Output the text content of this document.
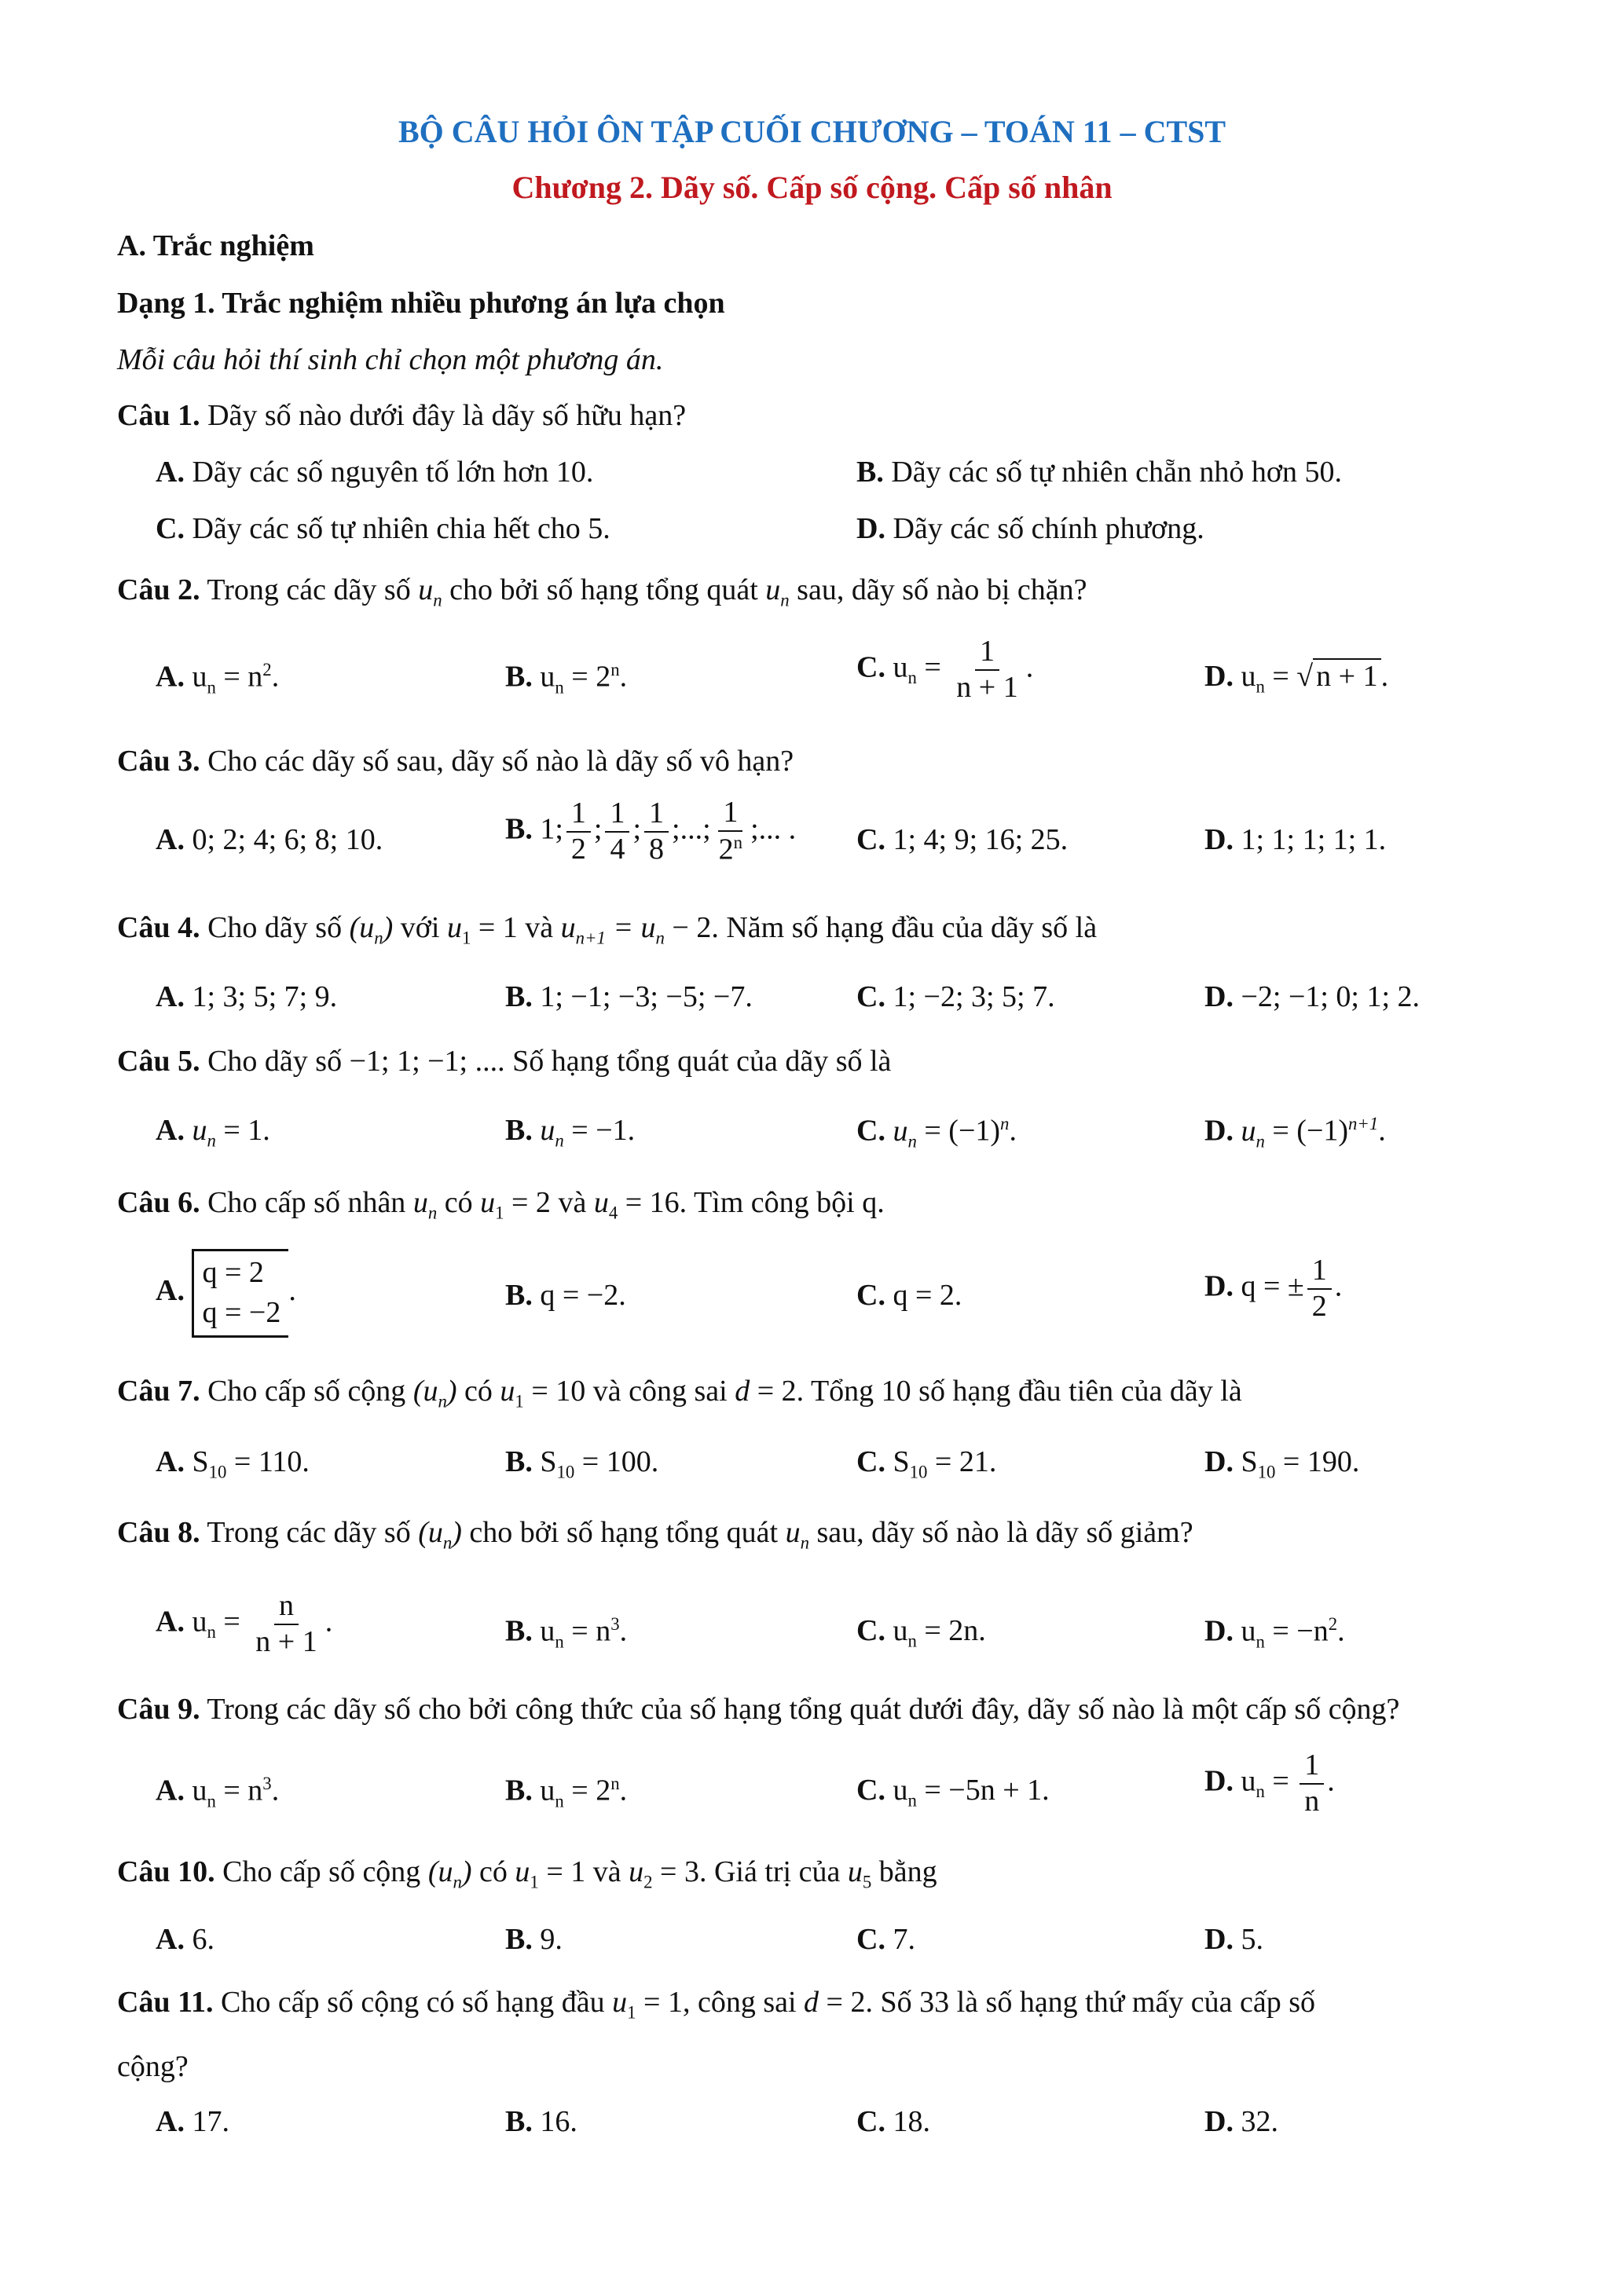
BỘ CÂU HỎI ÔN TẬP CUỐI CHƯƠNG – TOÁN 11 – CTST
Chương 2. Dãy số. Cấp số cộng. Cấp số nhân
A. Trắc nghiệm
Dạng 1. Trắc nghiệm nhiều phương án lựa chọn
Mỗi câu hỏi thí sinh chỉ chọn một phương án.
Câu 1. Dãy số nào dưới đây là dãy số hữu hạn?
A. Dãy các số nguyên tố lớn hơn 10.	B. Dãy các số tự nhiên chẵn nhỏ hơn 50.
C. Dãy các số tự nhiên chia hết cho 5.	D. Dãy các số chính phương.
Câu 2. Trong các dãy số $u_n$ cho bởi số hạng tổng quát $u_n$ sau, dãy số nào bị chặn?
A. $u_n = n^2$.	B. $u_n = 2^n$.	C. $u_n = \frac{1}{n + 1}$ .	D. $u_n$ = √ n + 1 .
Câu 3. Cho các dãy số sau, dãy số nào là dãy số vô hạn?
A. 0; 2; 4; 6; 8; 10.	B. 1; $\frac{1}{2}$ ; $\frac{1}{4}$ ; $\frac{1}{8}$ ;...; $\frac{1}{2^n}$ ;... . C. 1; 4; 9; 16; 25.	D. 1; 1; 1; 1; 1.
Câu 4. Cho dãy số $(u_n)$ với $u_1 = 1$ và $u_{n+1} = u_n - 2$. Năm số hạng đầu của dãy số là
A. 1; 3; 5; 7; 9.	B. 1; −1; −3; −5; −7.	C. 1; −2; 3; 5; 7.	D. −2; −1; 0; 1; 2.
Câu 5. Cho dãy số −1; 1; −1; .... Số hạng tổng quát của dãy số là
A. $u_n = 1$.	B. $u_n = -1$.	C. $u_n = (-1)^n$.	D. $u_n = (-1)^{n+1}$.
Câu 6. Cho cấp số nhân $u_n$ có $u_1 = 2$ và $u_4 = 16$. Tìm công bội q.
A. q = 2
q = −2.	B. q = −2.	C. q = 2.	D. q = ± $\frac{1}{2}$ .
Câu 7. Cho cấp số cộng $(u_n)$ có $u_1 = 10$ và công sai d = 2. Tổng 10 số hạng đầu tiên của dãy là
A. $S_{10} = 110$.	B. $S_{10} = 100$.	C. $S_{10} = 21$.	D. $S_{10} = 190$.
Câu 8. Trong các dãy số $(u_n)$ cho bởi số hạng tổng quát $u_n$ sau, dãy số nào là dãy số giảm?
A. $u_n = \frac{n}{n + 1}$ .	B. $u_n = n^3$.	C. $u_n = 2n$.	D. $u_n = -n^2$.
Câu 9. Trong các dãy số cho bởi công thức của số hạng tổng quát dưới đây, dãy số nào là một cấp số cộng?
A. $u_n = n^3$.	B. $u_n = 2^n$.	C. $u_n = -5n + 1$.	D. $u_n = \frac{1}{n}$ .
Câu 10. Cho cấp số cộng $(u_n)$ có $u_1 = 1$ và $u_2 = 3$. Giá trị của $u_5$ bằng
A. 6.	B. 9.	C. 7.	D. 5.
Câu 11. Cho cấp số cộng có số hạng đầu $u_1 = 1$, công sai d = 2. Số 33 là số hạng thứ mấy của cấp số
cộng?
A. 17.	B. 16.	C. 18.	D. 32.
